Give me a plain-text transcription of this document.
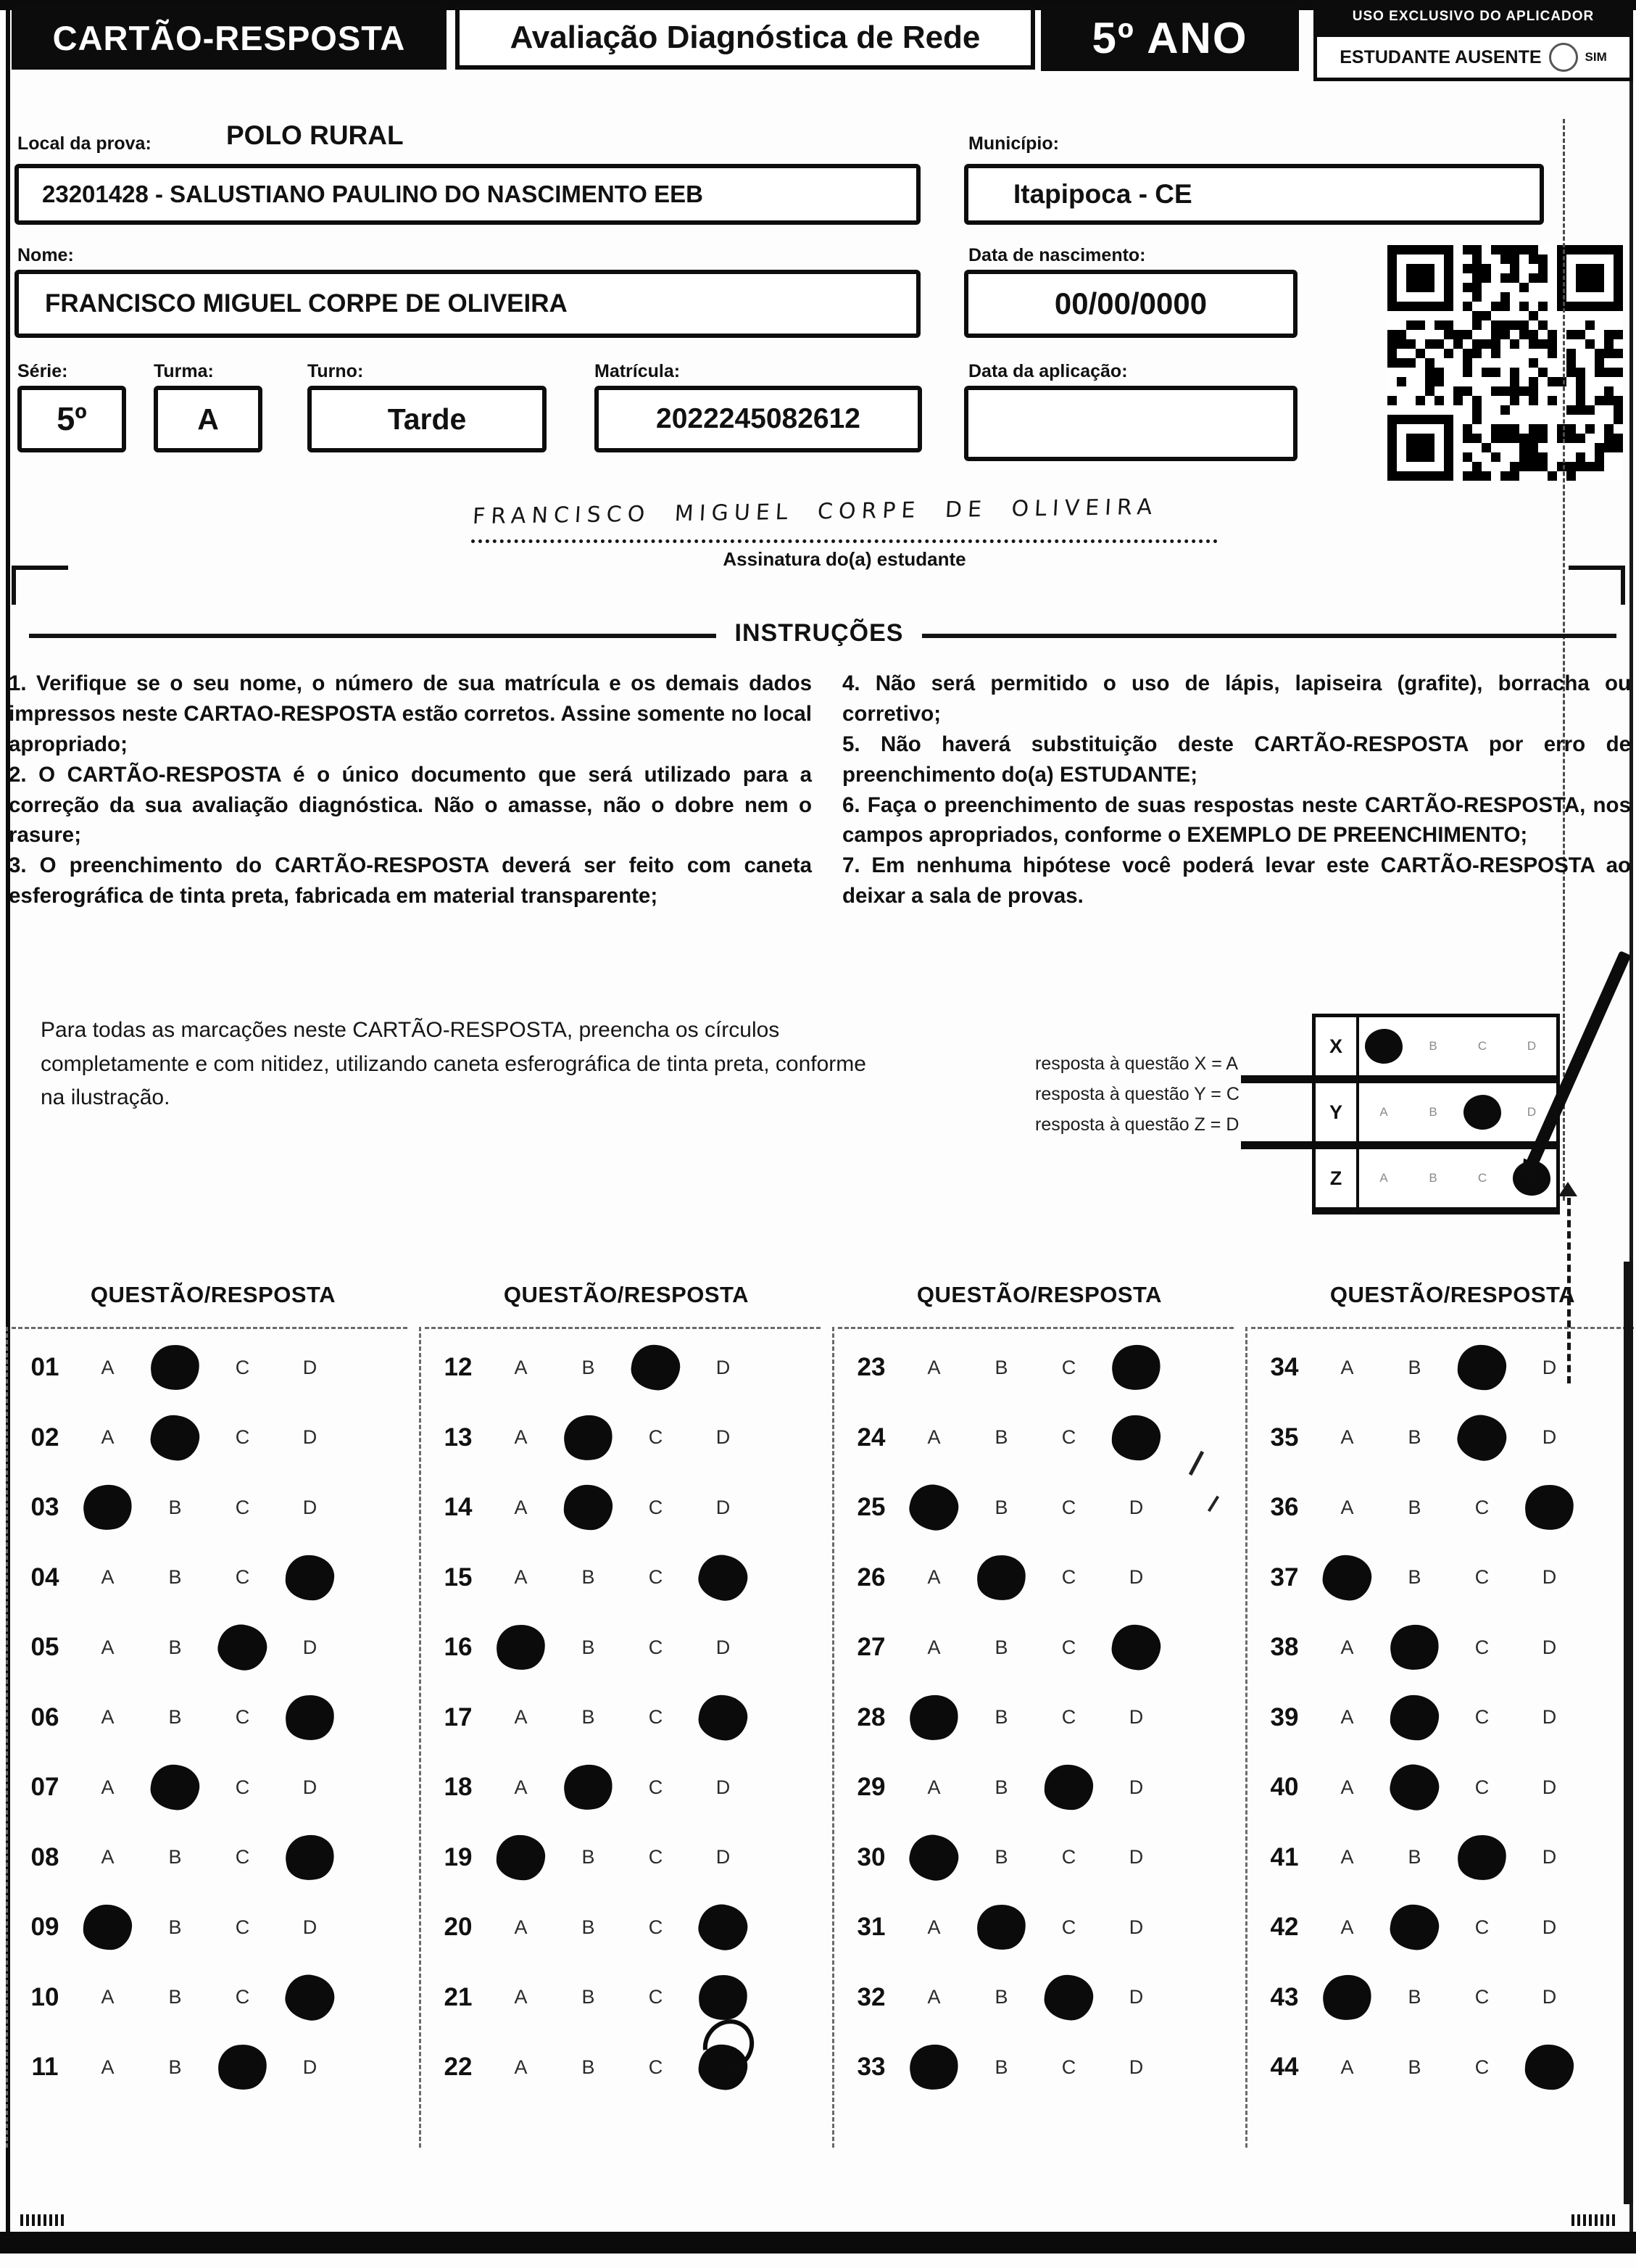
CARTÃO-RESPOSTA	Avaliação Diagnóstica de Rede	5º ANO	USO EXCLUSIVO DO APLICADOR
ESTUDANTE AUSENTE	SIM
Local da prova:	POLO RURAL
23201428 - SALUSTIANO PAULINO DO NASCIMENTO EEB
Município:
Itapipoca - CE
Nome:
FRANCISCO MIGUEL CORPE DE OLIVEIRA
Data de nascimento:
00/00/0000
Série:
5º
Turma:
A
Turno:
Tarde
Matrícula:
2022245082612
Data da aplicação:
FRANCISCO MIGUEL CORPE DE OLIVEIRA
Assinatura do(a) estudante
INSTRUÇÕES

1. Verifique se o seu nome, o número de sua matrícula e os demais dados impressos neste CARTAO-RESPOSTA estão corretos. Assine somente no local apropriado;

2. O CARTÃO-RESPOSTA é o único documento que será utilizado para a correção da sua avaliação diagnóstica. Não o amasse, não o dobre nem o rasure;

3. O preenchimento do CARTÃO-RESPOSTA deverá ser feito com caneta esferográfica de tinta preta, fabricada em material transparente;

4. Não será permitido o uso de lápis, lapiseira (grafite), borracha ou corretivo;

5. Não haverá substituição deste CARTÃO-RESPOSTA por erro de preenchimento do(a) ESTUDANTE;

6. Faça o preenchimento de suas respostas neste CARTÃO-RESPOSTA, nos campos apropriados, conforme o EXEMPLO DE PREENCHIMENTO;

7. Em nenhuma hipótese você poderá levar este CARTÃO-RESPOSTA ao deixar a sala de provas.

Para todas as marcações neste CARTÃO-RESPOSTA, preencha os círculos completamente e com nitidez, utilizando caneta esferográfica de tinta preta, conforme na ilustração.

resposta à questão X = A

resposta à questão Y = C

resposta à questão Z = D

X	B	C	D
Y	A	B	D
Z	A	B	C
QUESTÃO/RESPOSTA
01	A	C	D
02	A	C	D
03	B	C	D
04	A	B	C
05	A	B	D
06	A	B	C
07	A	C	D
08	A	B	C
09	B	C	D
10	A	B	C
11	A	B	D
QUESTÃO/RESPOSTA
12	A	B	D
13	A	C	D
14	A	C	D
15	A	B	C
16	B	C	D
17	A	B	C
18	A	C	D
19	B	C	D
20	A	B	C
21	A	B	C
22	A	B	C
QUESTÃO/RESPOSTA
23	A	B	C
24	A	B	C
25	B	C	D
26	A	C	D
27	A	B	C
28	B	C	D
29	A	B	D
30	B	C	D
31	A	C	D
32	A	B	D
33	B	C	D
QUESTÃO/RESPOSTA
34	A	B	D
35	A	B	D
36	A	B	C
37	B	C	D
38	A	C	D
39	A	C	D
40	A	C	D
41	A	B	D
42	A	C	D
43	B	C	D
44	A	B	C
